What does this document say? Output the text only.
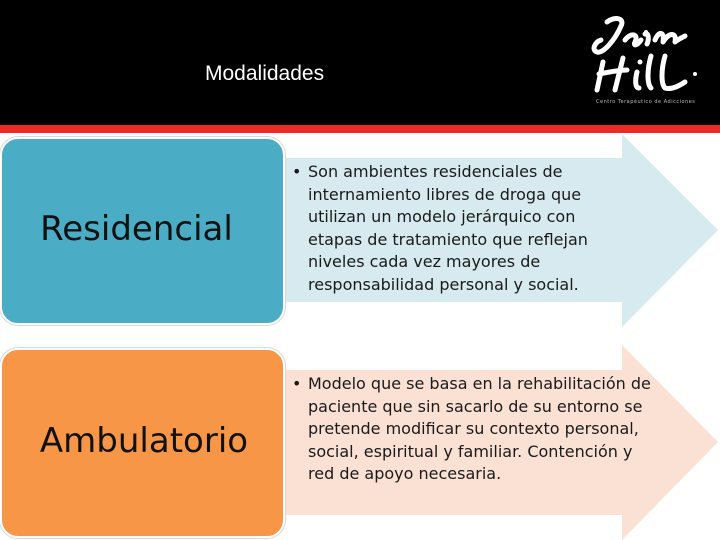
Modalidades
Centro Terapéutico de Adicciones
Residencial
Ambulatorio
• Son ambientes residenciales de internamiento libres de droga que utilizan un modelo jerárquico con etapas de tratamiento que reflejan niveles cada vez mayores de responsabilidad personal y social.
• Modelo que se basa en la rehabilitación de paciente que sin sacarlo de su entorno se pretende modificar su contexto personal, social, espiritual y familiar. Contención y red de apoyo necesaria.
